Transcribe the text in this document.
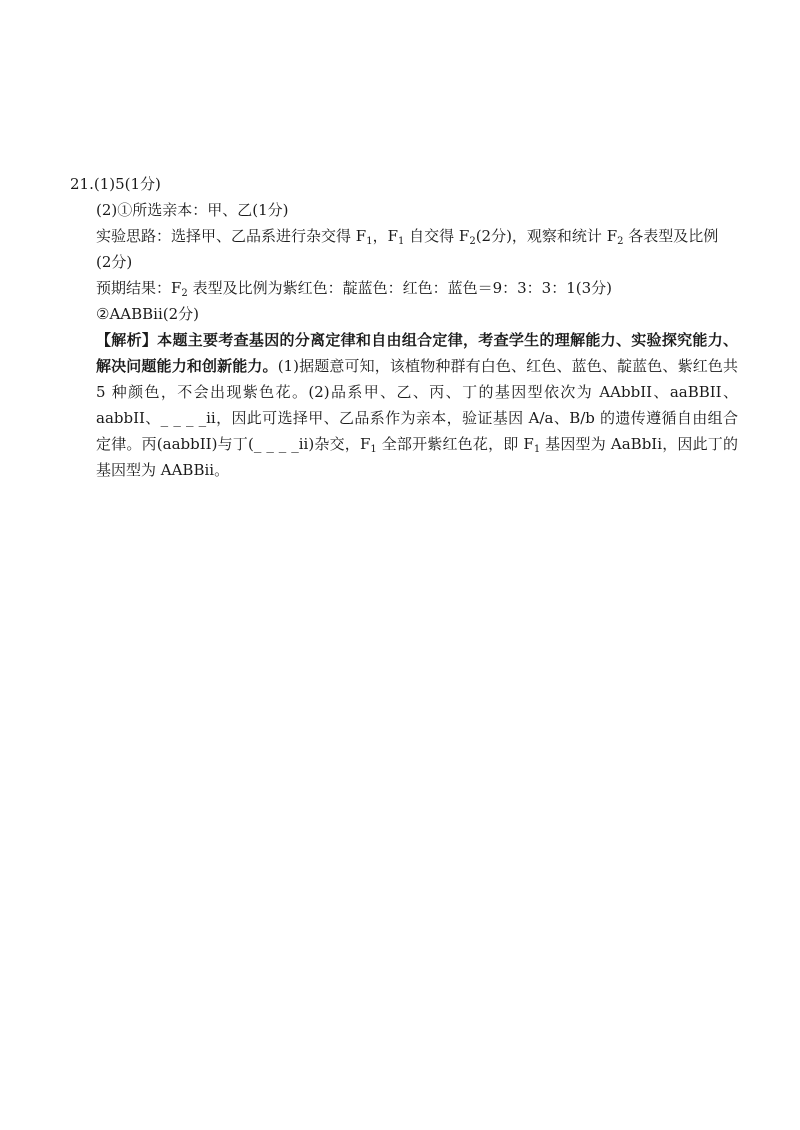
21.(1)5(1分)
(2)①所选亲本：甲、乙(1分)
实验思路：选择甲、乙品系进行杂交得 $F_1$，$F_1$ 自交得 $F_2(2$分)，观察和统计 $F_2$ 各表型及比例
(2分)
预期结果：$F_2$ 表型及比例为紫红色：靛蓝色：红色：蓝色＝9：3：3：1(3分)
②AABBii(2分)
【解析】本题主要考查基因的分离定律和自由组合定律，考查学生的理解能力、实验探究能力、解决问题能力和创新能力。(1)据题意可知，该植物种群有白色、红色、蓝色、靛蓝色、紫红色共 5 种颜色，不会出现紫色花。(2)品系甲、乙、丙、丁的基因型依次为 AAbbII、aaBBII、aabbII、_ _ _ _ii，因此可选择甲、乙品系作为亲本，验证基因 A/a、B/b 的遗传遵循自由组合定律。丙(aabbII)与丁(_ _ _ _ii)杂交，$F_1$ 全部开紫红色花，即 $F_1$ 基因型为 AaBbIi，因此丁的基因型为 AABBii。
